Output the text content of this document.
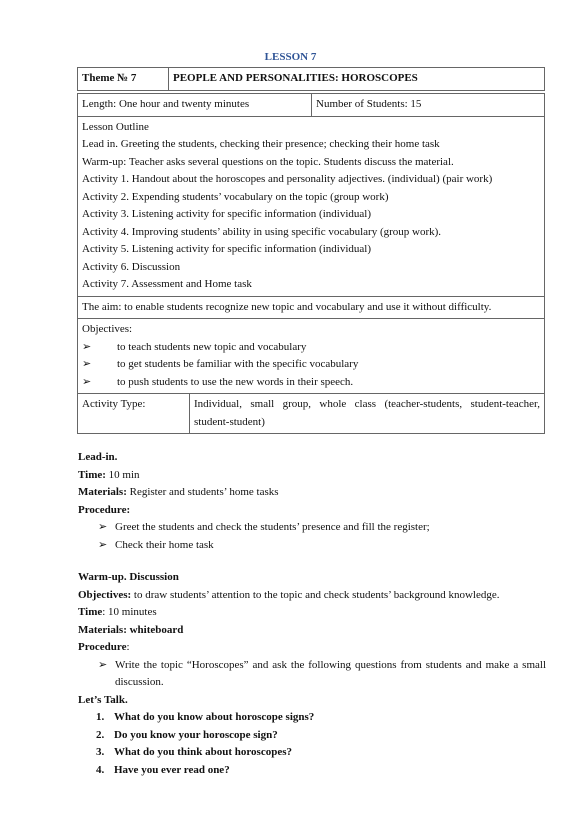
LESSON 7
Theme № 7	PEOPLE AND PERSONALITIES: HOROSCOPES
Length: One hour and twenty minutes	Number of Students: 15

Lesson Outline
Lead in. Greeting the students, checking their presence; checking their home task
Warm-up: Teacher asks several questions on the topic. Students discuss the material.
Activity 1. Handout about the horoscopes and personality adjectives. (individual) (pair work)
Activity 2. Expending students’ vocabulary on the topic (group work)
Activity 3. Listening activity for specific information (individual)
Activity 4. Improving students’ ability in using specific vocabulary (group work).
Activity 5. Listening activity for specific information (individual)
Activity 6. Discussion
Activity 7. Assessment and Home task

The aim: to enable students recognize new topic and vocabulary and use it without difficulty.

Objectives:
➢	to teach students new topic and vocabulary
➢	to get students be familiar with the specific vocabulary
➢	to push students to use the new words in their speech.

Activity Type:	Individual, small group, whole class (teacher-students, student-teacher, student-student)

Lead-in.

Time: 10 min

Materials: Register and students’ home tasks

Procedure:

➢ Greet the students and check the students’ presence and fill the register;
➢ Check their home task

Warm-up. Discussion

Objectives: to draw students’ attention to the topic and check students’ background knowledge.

Time: 10 minutes

Materials: whiteboard

Procedure:

➢ Write the topic “Horoscopes” and ask the following questions from students and make a small discussion.

Let’s Talk.

1. What do you know about horoscope signs?
2. Do you know your horoscope sign?
3. What do you think about horoscopes?
4. Have you ever read one?
